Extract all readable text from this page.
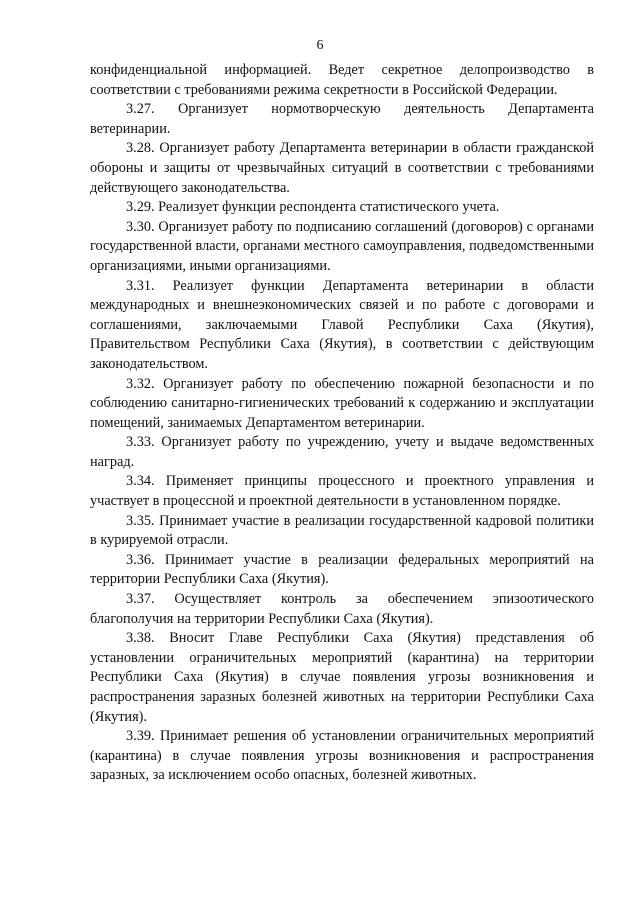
6

конфиденциальной информацией. Ведет секретное делопроизводство в соответствии с требованиями режима секретности в Российской Федерации.

3.27. Организует нормотворческую деятельность Департамента ветеринарии.

3.28. Организует работу Департамента ветеринарии в области гражданской обороны и защиты от чрезвычайных ситуаций в соответствии с требованиями действующего законодательства.

3.29. Реализует функции респондента статистического учета.

3.30. Организует работу по подписанию соглашений (договоров) с органами государственной власти, органами местного самоуправления, подведомственными организациями, иными организациями.

3.31. Реализует функции Департамента ветеринарии в области международных и внешнеэкономических связей и по работе с договорами и соглашениями, заключаемыми Главой Республики Саха (Якутия), Правительством Республики Саха (Якутия), в соответствии с действующим законодательством.

3.32. Организует работу по обеспечению пожарной безопасности и по соблюдению санитарно-гигиенических требований к содержанию и эксплуатации помещений, занимаемых Департаментом ветеринарии.

3.33. Организует работу по учреждению, учету и выдаче ведомственных наград.

3.34. Применяет принципы процессного и проектного управления и участвует в процессной и проектной деятельности в установленном порядке.

3.35. Принимает участие в реализации государственной кадровой политики в курируемой отрасли.

3.36. Принимает участие в реализации федеральных мероприятий на территории Республики Саха (Якутия).

3.37. Осуществляет контроль за обеспечением эпизоотического благополучия на территории Республики Саха (Якутия).

3.38. Вносит Главе Республики Саха (Якутия) представления об установлении ограничительных мероприятий (карантина) на территории Республики Саха (Якутия) в случае появления угрозы возникновения и распространения заразных болезней животных на территории Республики Саха (Якутия).

3.39. Принимает решения об установлении ограничительных мероприятий (карантина) в случае появления угрозы возникновения и распространения заразных, за исключением особо опасных, болезней животных.
